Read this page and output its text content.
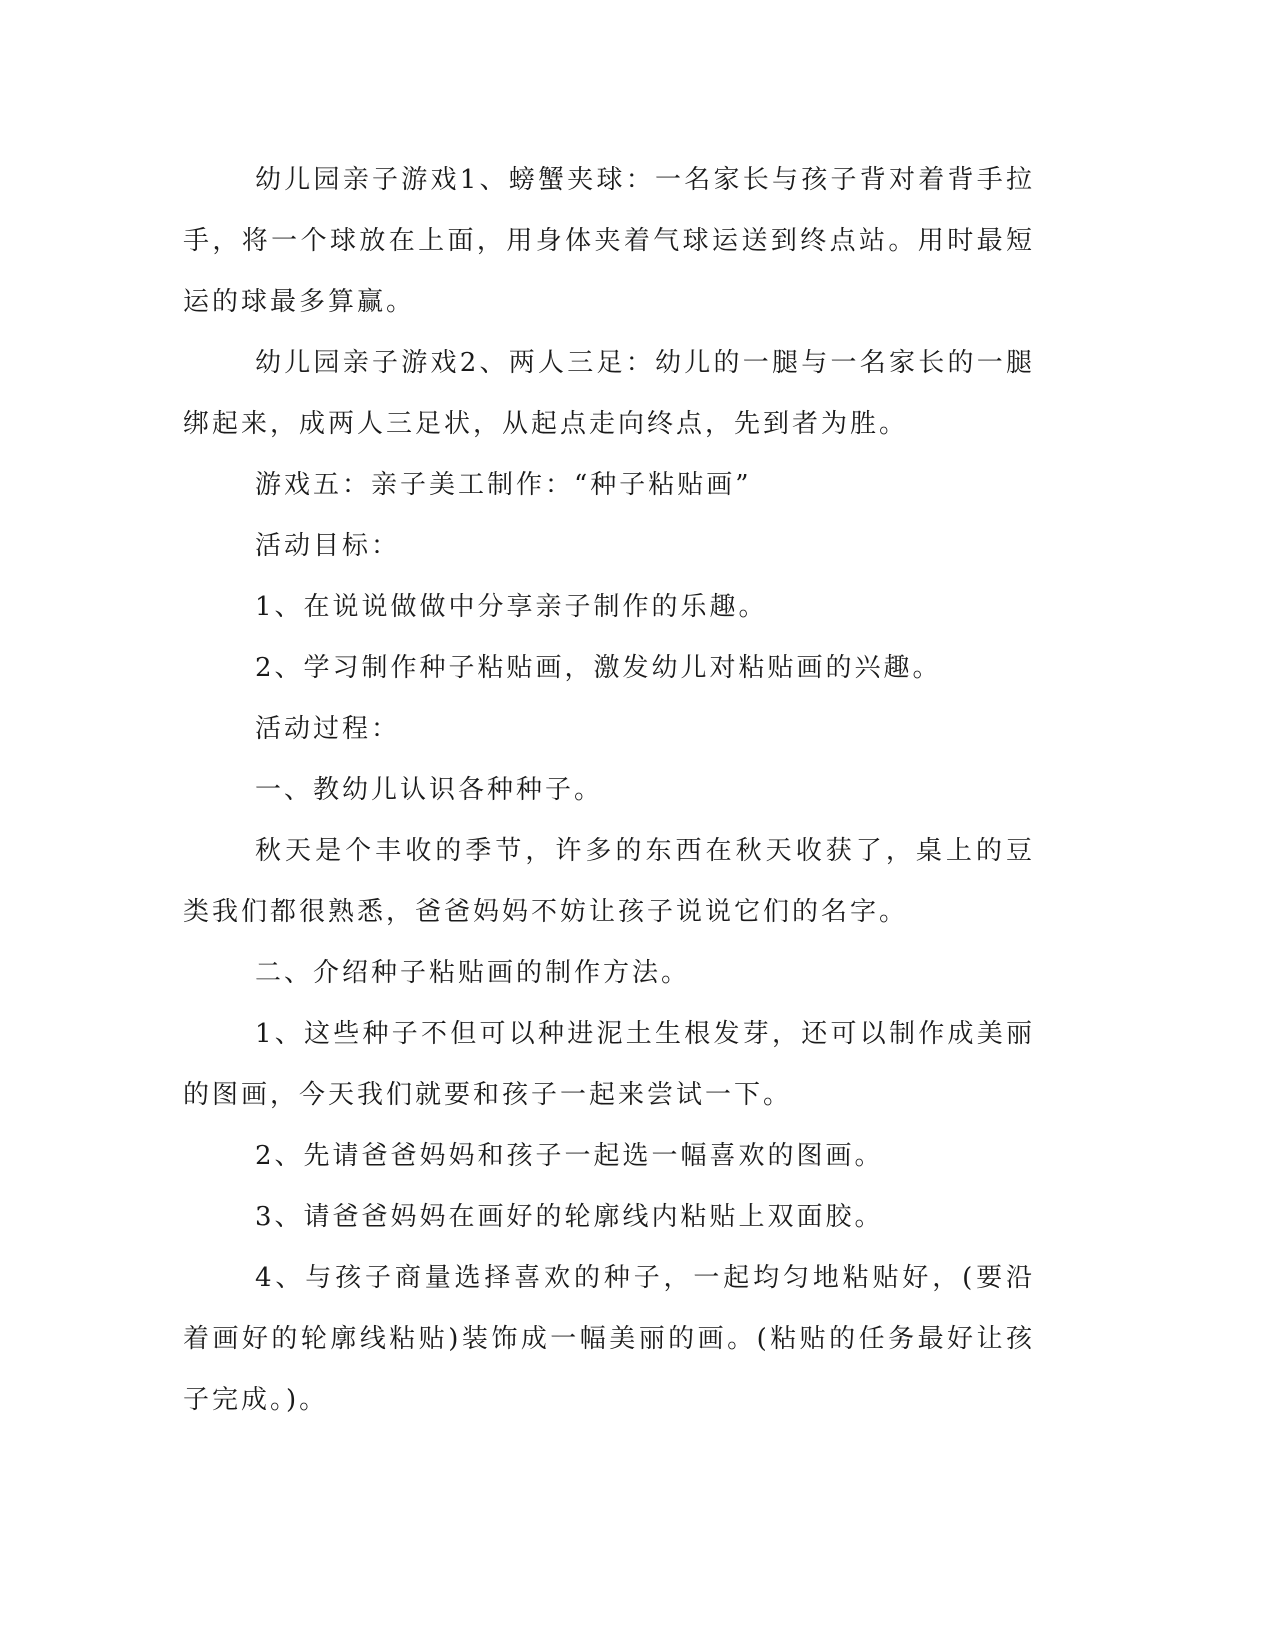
幼儿园亲子游戏1、螃蟹夹球：一名家长与孩子背对着背手拉手，将一个球放在上面，用身体夹着气球运送到终点站。用时最短运的球最多算赢。

幼儿园亲子游戏2、两人三足：幼儿的一腿与一名家长的一腿绑起来，成两人三足状，从起点走向终点，先到者为胜。

游戏五：亲子美工制作：“种子粘贴画”

活动目标：

1、在说说做做中分享亲子制作的乐趣。

2、学习制作种子粘贴画，激发幼儿对粘贴画的兴趣。

活动过程：

一、教幼儿认识各种种子。

秋天是个丰收的季节，许多的东西在秋天收获了，桌上的豆类我们都很熟悉，爸爸妈妈不妨让孩子说说它们的名字。

二、介绍种子粘贴画的制作方法。

1、这些种子不但可以种进泥土生根发芽，还可以制作成美丽的图画，今天我们就要和孩子一起来尝试一下。

2、先请爸爸妈妈和孩子一起选一幅喜欢的图画。

3、请爸爸妈妈在画好的轮廓线内粘贴上双面胶。

4、与孩子商量选择喜欢的种子，一起均匀地粘贴好，(要沿着画好的轮廓线粘贴)装饰成一幅美丽的画。(粘贴的任务最好让孩子完成。)。
